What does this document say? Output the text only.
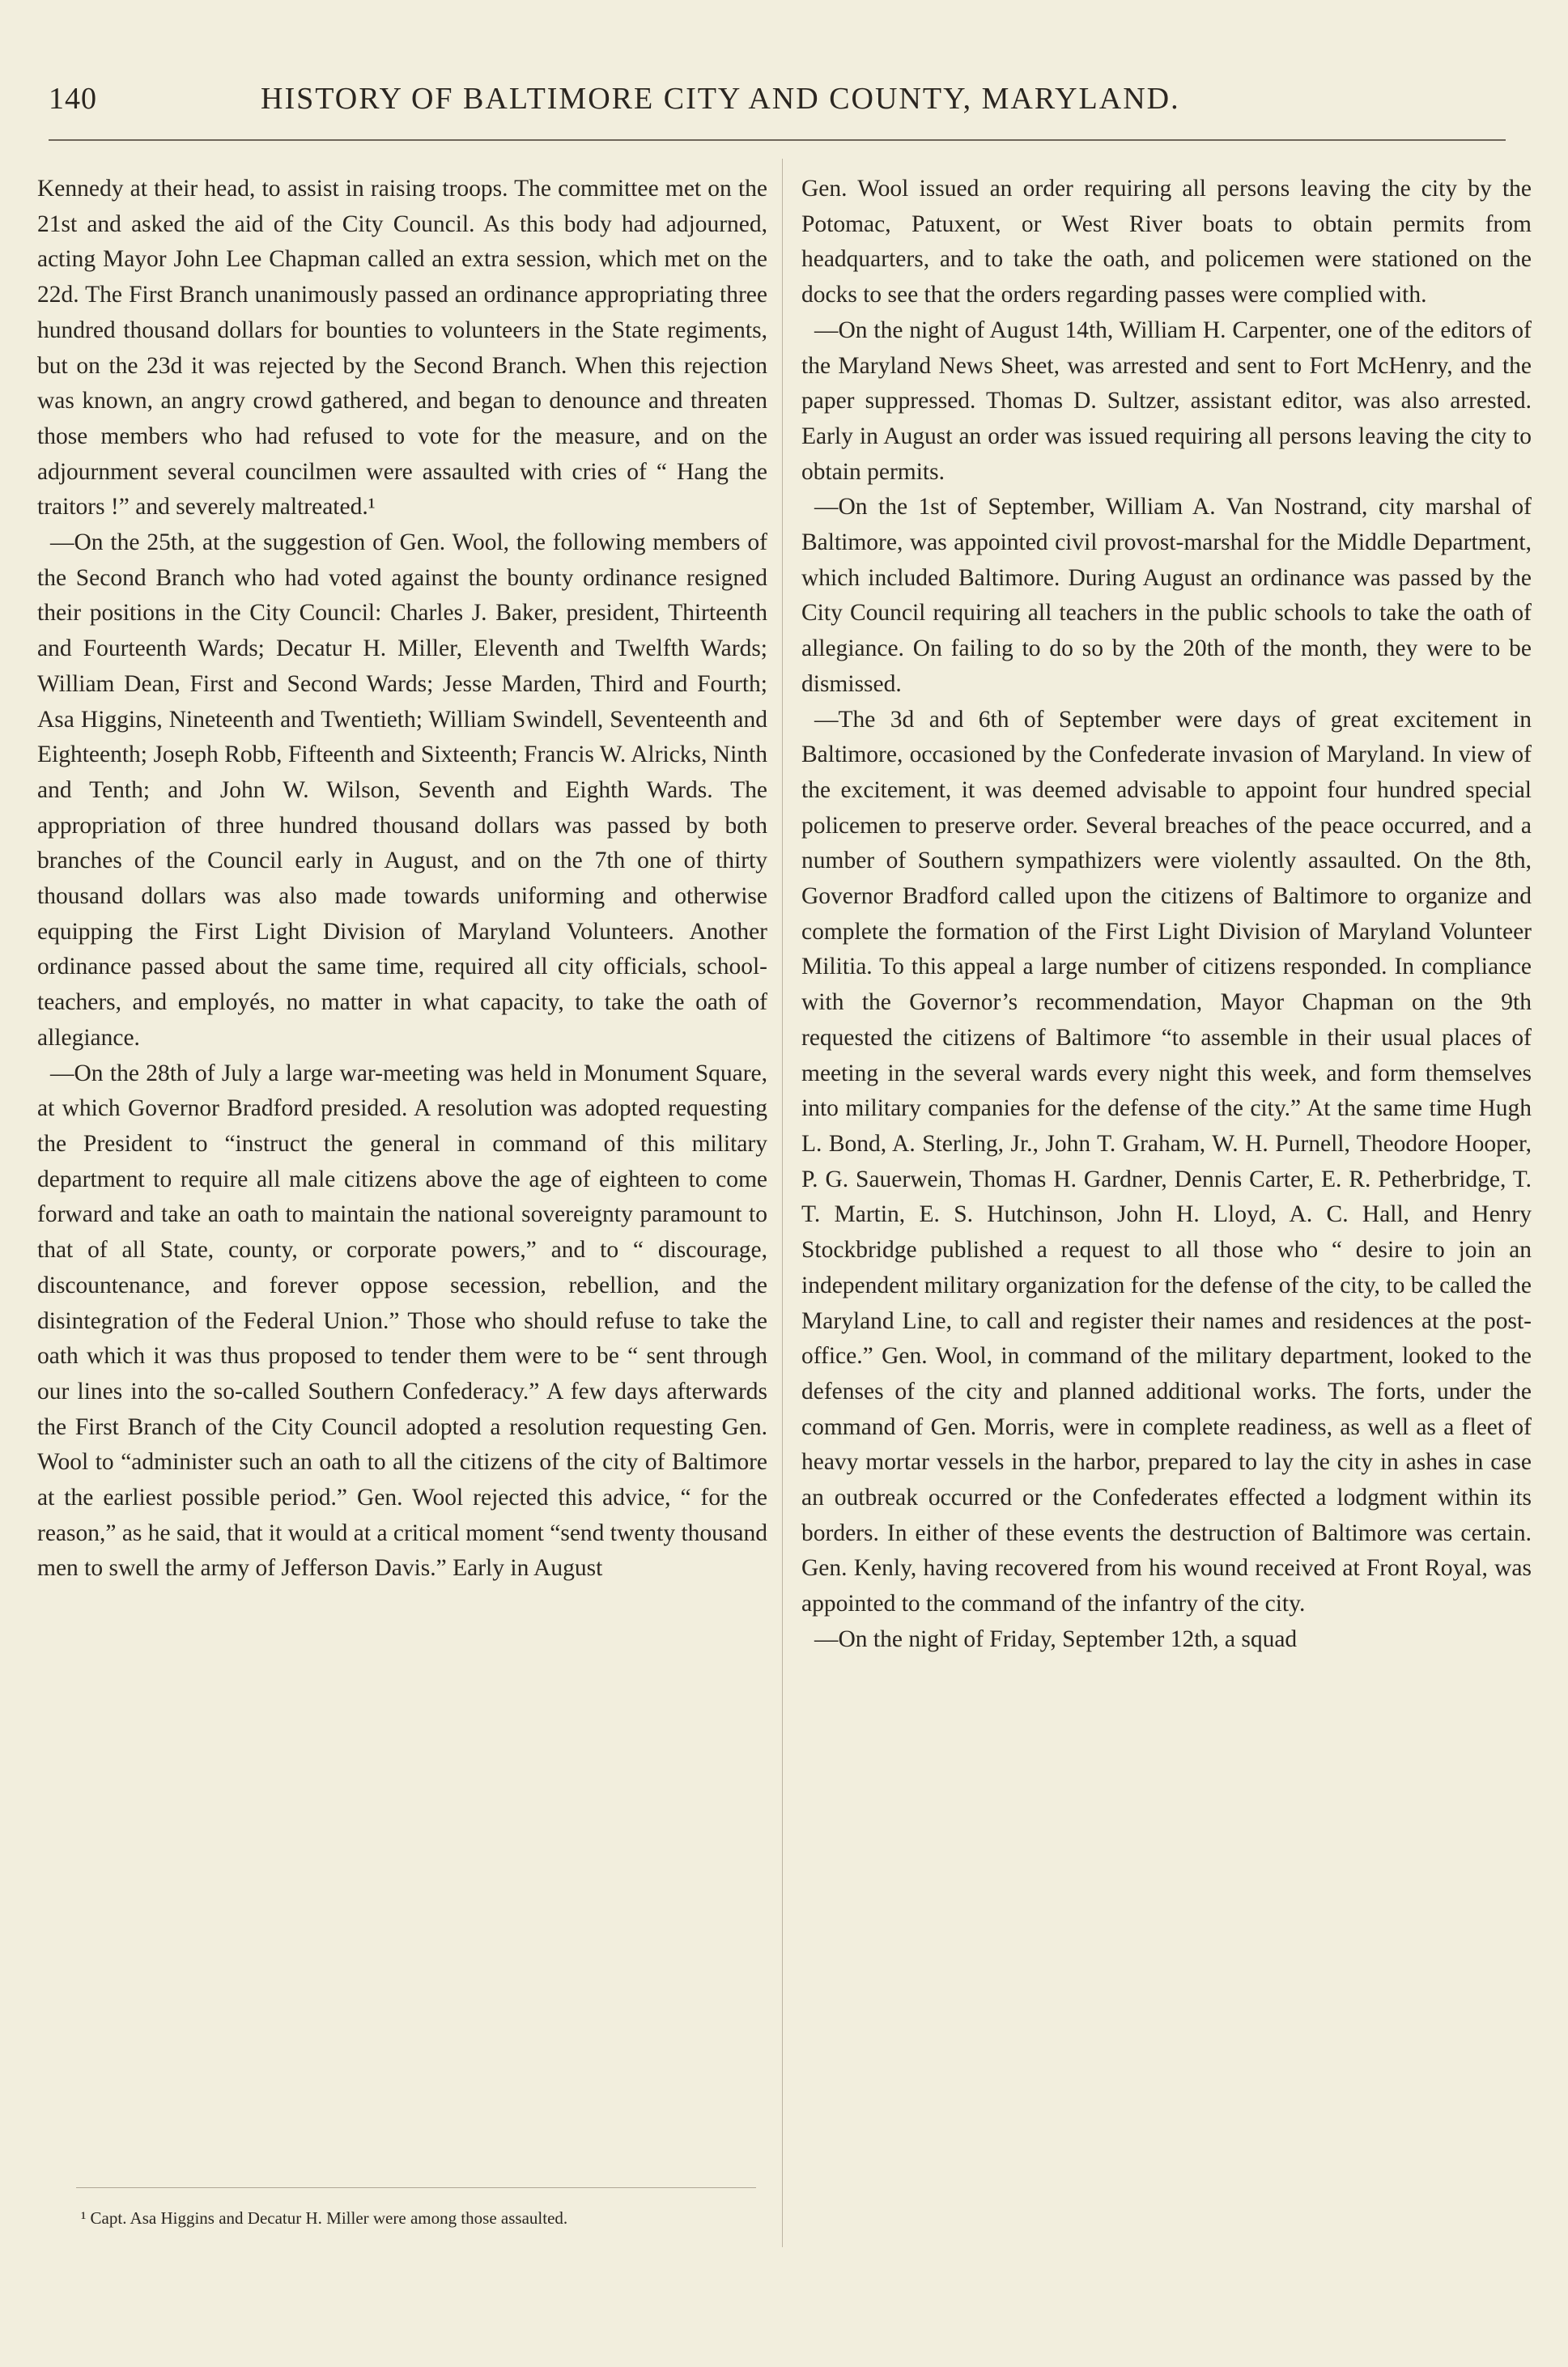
140	HISTORY OF BALTIMORE CITY AND COUNTY, MARYLAND.

Kennedy at their head, to assist in raising troops. The committee met on the 21st and asked the aid of the City Council. As this body had adjourned, acting Mayor John Lee Chapman called an extra session, which met on the 22d. The First Branch unanimously passed an ordinance appropriating three hundred thousand dollars for bounties to volunteers in the State regiments, but on the 23d it was rejected by the Second Branch. When this rejection was known, an angry crowd gathered, and began to denounce and threaten those members who had refused to vote for the measure, and on the adjournment several councilmen were assaulted with cries of “ Hang the traitors !” and severely maltreated.¹

—On the 25th, at the suggestion of Gen. Wool, the following members of the Second Branch who had voted against the bounty ordinance resigned their positions in the City Council: Charles J. Baker, president, Thirteenth and Fourteenth Wards; Decatur H. Miller, Eleventh and Twelfth Wards; William Dean, First and Second Wards; Jesse Marden, Third and Fourth; Asa Higgins, Nineteenth and Twentieth; William Swindell, Seventeenth and Eighteenth; Joseph Robb, Fifteenth and Sixteenth; Francis W. Alricks, Ninth and Tenth; and John W. Wilson, Seventh and Eighth Wards. The appropriation of three hundred thousand dollars was passed by both branches of the Council early in August, and on the 7th one of thirty thousand dollars was also made towards uniforming and otherwise equipping the First Light Division of Maryland Volunteers. Another ordinance passed about the same time, required all city officials, school-teachers, and employés, no matter in what capacity, to take the oath of allegiance.

—On the 28th of July a large war-meeting was held in Monument Square, at which Governor Bradford presided. A resolution was adopted requesting the President to “instruct the general in command of this military department to require all male citizens above the age of eighteen to come forward and take an oath to maintain the national sovereignty paramount to that of all State, county, or corporate powers,” and to “ discourage, discountenance, and forever oppose secession, rebellion, and the disintegration of the Federal Union.” Those who should refuse to take the oath which it was thus proposed to tender them were to be “ sent through our lines into the so-called Southern Confederacy.” A few days afterwards the First Branch of the City Council adopted a resolution requesting Gen. Wool to “administer such an oath to all the citizens of the city of Baltimore at the earliest possible period.” Gen. Wool rejected this advice, “ for the reason,” as he said, that it would at a critical moment “send twenty thousand men to swell the army of Jefferson Davis.” Early in August

Gen. Wool issued an order requiring all persons leaving the city by the Potomac, Patuxent, or West River boats to obtain permits from headquarters, and to take the oath, and policemen were stationed on the docks to see that the orders regarding passes were complied with.

—On the night of August 14th, William H. Carpenter, one of the editors of the Maryland News Sheet, was arrested and sent to Fort McHenry, and the paper suppressed. Thomas D. Sultzer, assistant editor, was also arrested. Early in August an order was issued requiring all persons leaving the city to obtain permits.

—On the 1st of September, William A. Van Nostrand, city marshal of Baltimore, was appointed civil provost-marshal for the Middle Department, which included Baltimore. During August an ordinance was passed by the City Council requiring all teachers in the public schools to take the oath of allegiance. On failing to do so by the 20th of the month, they were to be dismissed.

—The 3d and 6th of September were days of great excitement in Baltimore, occasioned by the Confederate invasion of Maryland. In view of the excitement, it was deemed advisable to appoint four hundred special policemen to preserve order. Several breaches of the peace occurred, and a number of Southern sympathizers were violently assaulted. On the 8th, Governor Bradford called upon the citizens of Baltimore to organize and complete the formation of the First Light Division of Maryland Volunteer Militia. To this appeal a large number of citizens responded. In compliance with the Governor’s recommendation, Mayor Chapman on the 9th requested the citizens of Baltimore “to assemble in their usual places of meeting in the several wards every night this week, and form themselves into military companies for the defense of the city.” At the same time Hugh L. Bond, A. Sterling, Jr., John T. Graham, W. H. Purnell, Theodore Hooper, P. G. Sauerwein, Thomas H. Gardner, Dennis Carter, E. R. Petherbridge, T. T. Martin, E. S. Hutchinson, John H. Lloyd, A. C. Hall, and Henry Stockbridge published a request to all those who “ desire to join an independent military organization for the defense of the city, to be called the Maryland Line, to call and register their names and residences at the post-office.” Gen. Wool, in command of the military department, looked to the defenses of the city and planned additional works. The forts, under the command of Gen. Morris, were in complete readiness, as well as a fleet of heavy mortar vessels in the harbor, prepared to lay the city in ashes in case an outbreak occurred or the Confederates effected a lodgment within its borders. In either of these events the destruction of Baltimore was certain. Gen. Kenly, having recovered from his wound received at Front Royal, was appointed to the command of the infantry of the city.

—On the night of Friday, September 12th, a squad

¹ Capt. Asa Higgins and Decatur H. Miller were among those assaulted.
